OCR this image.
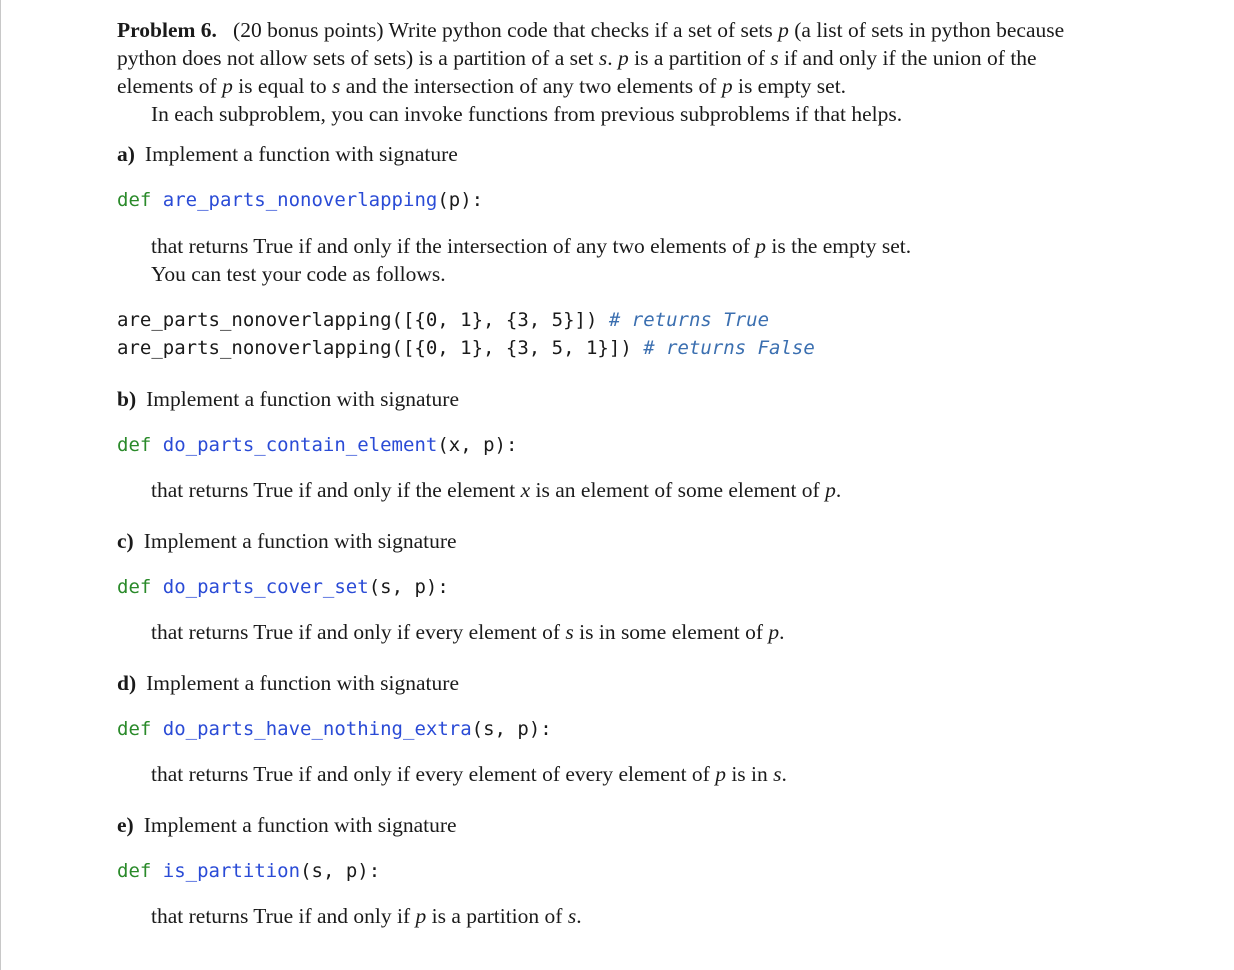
Problem 6. (20 bonus points) Write python code that checks if a set of sets p (a list of sets in python because python does not allow sets of sets) is a partition of a set s. p is a partition of s if and only if the union of the elements of p is equal to s and the intersection of any two elements of p is empty set.

In each subproblem, you can invoke functions from previous subproblems if that helps.

a) Implement a function with signature

def are_parts_nonoverlapping(p):

that returns True if and only if the intersection of any two elements of p is the empty set.

You can test your code as follows.

are_parts_nonoverlapping([{0, 1}, {3, 5}]) # returns True

are_parts_nonoverlapping([{0, 1}, {3, 5, 1}]) # returns False

b) Implement a function with signature

def do_parts_contain_element(x, p):

that returns True if and only if the element x is an element of some element of p.

c) Implement a function with signature

def do_parts_cover_set(s, p):

that returns True if and only if every element of s is in some element of p.

d) Implement a function with signature

def do_parts_have_nothing_extra(s, p):

that returns True if and only if every element of every element of p is in s.

e) Implement a function with signature

def is_partition(s, p):

that returns True if and only if p is a partition of s.
